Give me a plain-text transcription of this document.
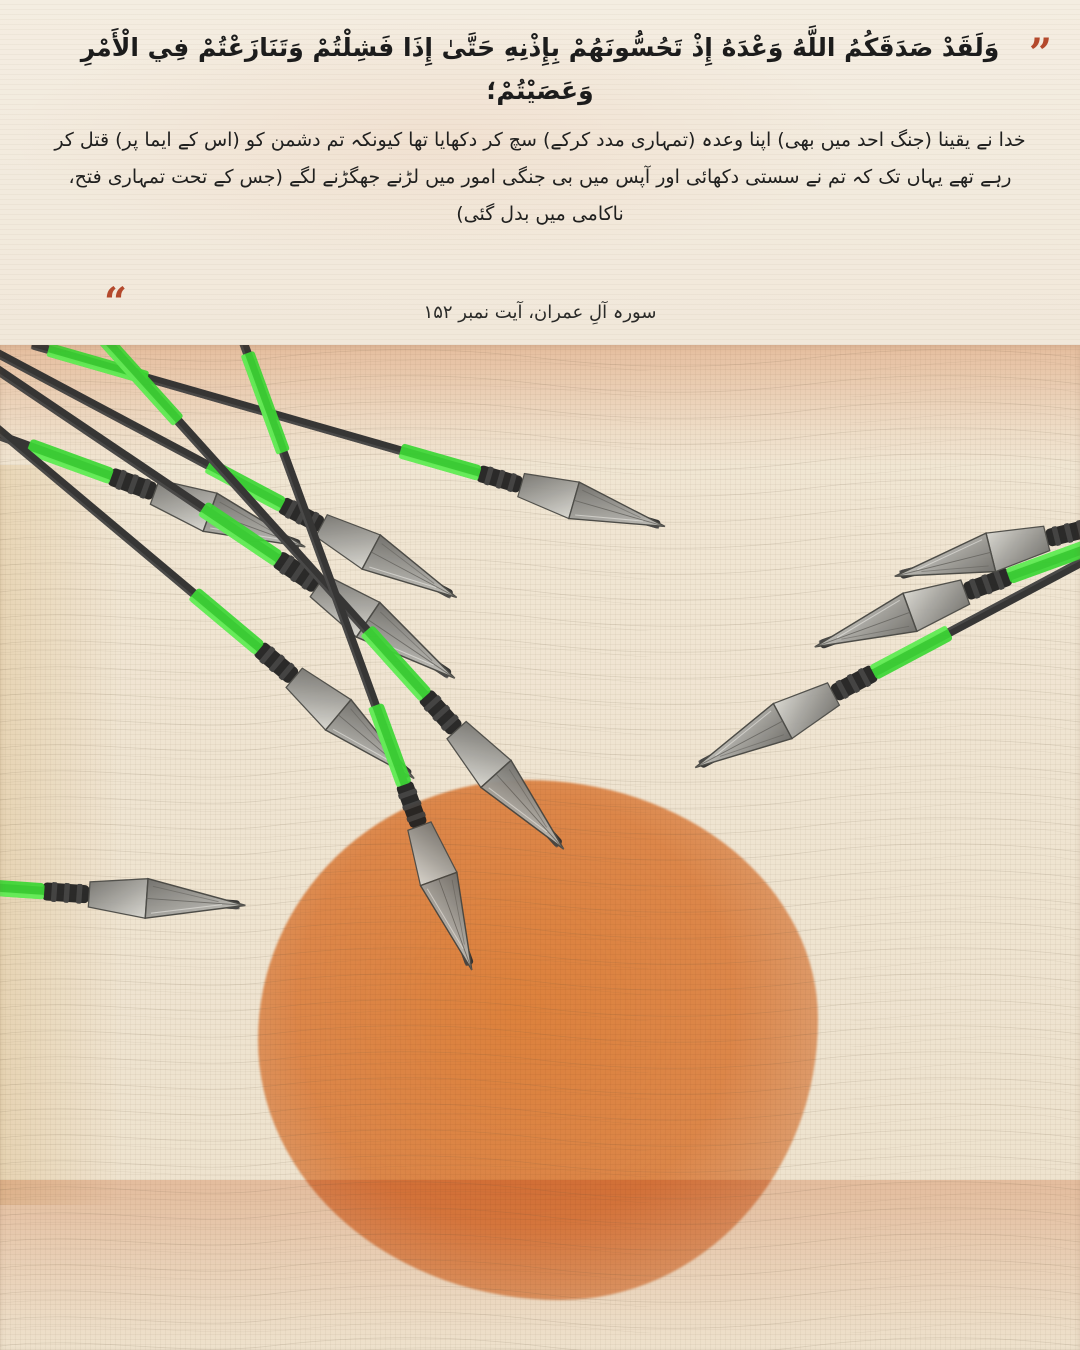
”
وَلَقَدْ صَدَقَكُمُ اللَّهُ وَعْدَهُ إِذْ تَحُسُّونَهُمْ بِإِذْنِهِ حَتَّىٰ إِذَا فَشِلْتُمْ وَتَنَازَعْتُمْ فِي الْأَمْرِ وَعَصَيْتُمْ؛

خدا نے یقینا (جنگ احد میں بھی) اپنا وعدہ (تمہاری مدد کرکے) سچ کر دکھایا تھا کیونکہ تم دشمن کو (اس کے ایما پر) قتل کر رہے تھے یہاں تک کہ تم نے سستی دکھائی اور آپس میں بی جنگی امور میں لڑنے جھگڑنے لگے (جس کے تحت تمہاری فتح، ناکامی میں بدل گئی)

“	سورہ آلِ عمران، آیت نمبر ۱۵۲
